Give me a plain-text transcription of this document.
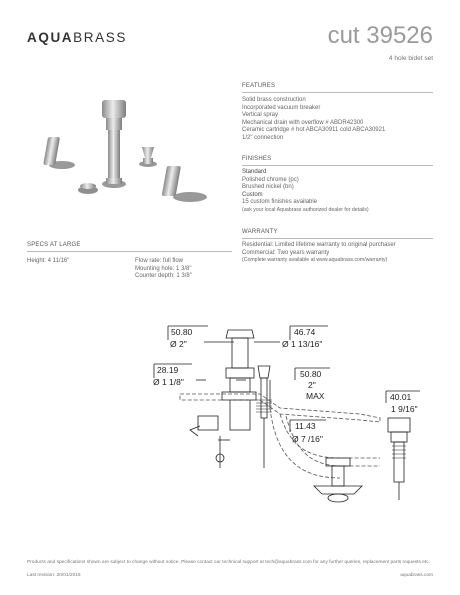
AQUABRASS	cut 39526
4 hole bidet set
FEATURES
Solid brass construction
Incorporated vacuum breaker
Vertical spray
Mechanical drain with overflow # ABDR42300
Ceramic cartridge # hot ABCA30911 cold ABCA30921
1/2" connection
FINISHES
Standard
Polished chrome (pc)
Brushed nickel (bn)
Custom
15 custom finishes available
(ask your local Aquabrass authorized dealer for details)
WARRANTY
Residential: Limited lifetime warranty to original purchaser
Commercial: Two years warranty
(Complete warranty available at www.aquabrass.com/warranty)
SPECS AT LARGE
Height: 4 11/16"	Flow rate: full flow
Mounting hole: 1 3/8"
Counter depth: 1 3/8"
50.80
Ø 2"
46.74
Ø 1 13/16"
28.19
Ø 1 1/8"
50.80
2"
MAX	40.01
1 9/16"
11.43
Ø 7 /16"
Products and specifications shown are subject to change without notice. Please contact our technical support at tech@aquabrass.com for any further queries, replacement parts requests etc.
Last revision: 20/01/2016	aquabrass.com
